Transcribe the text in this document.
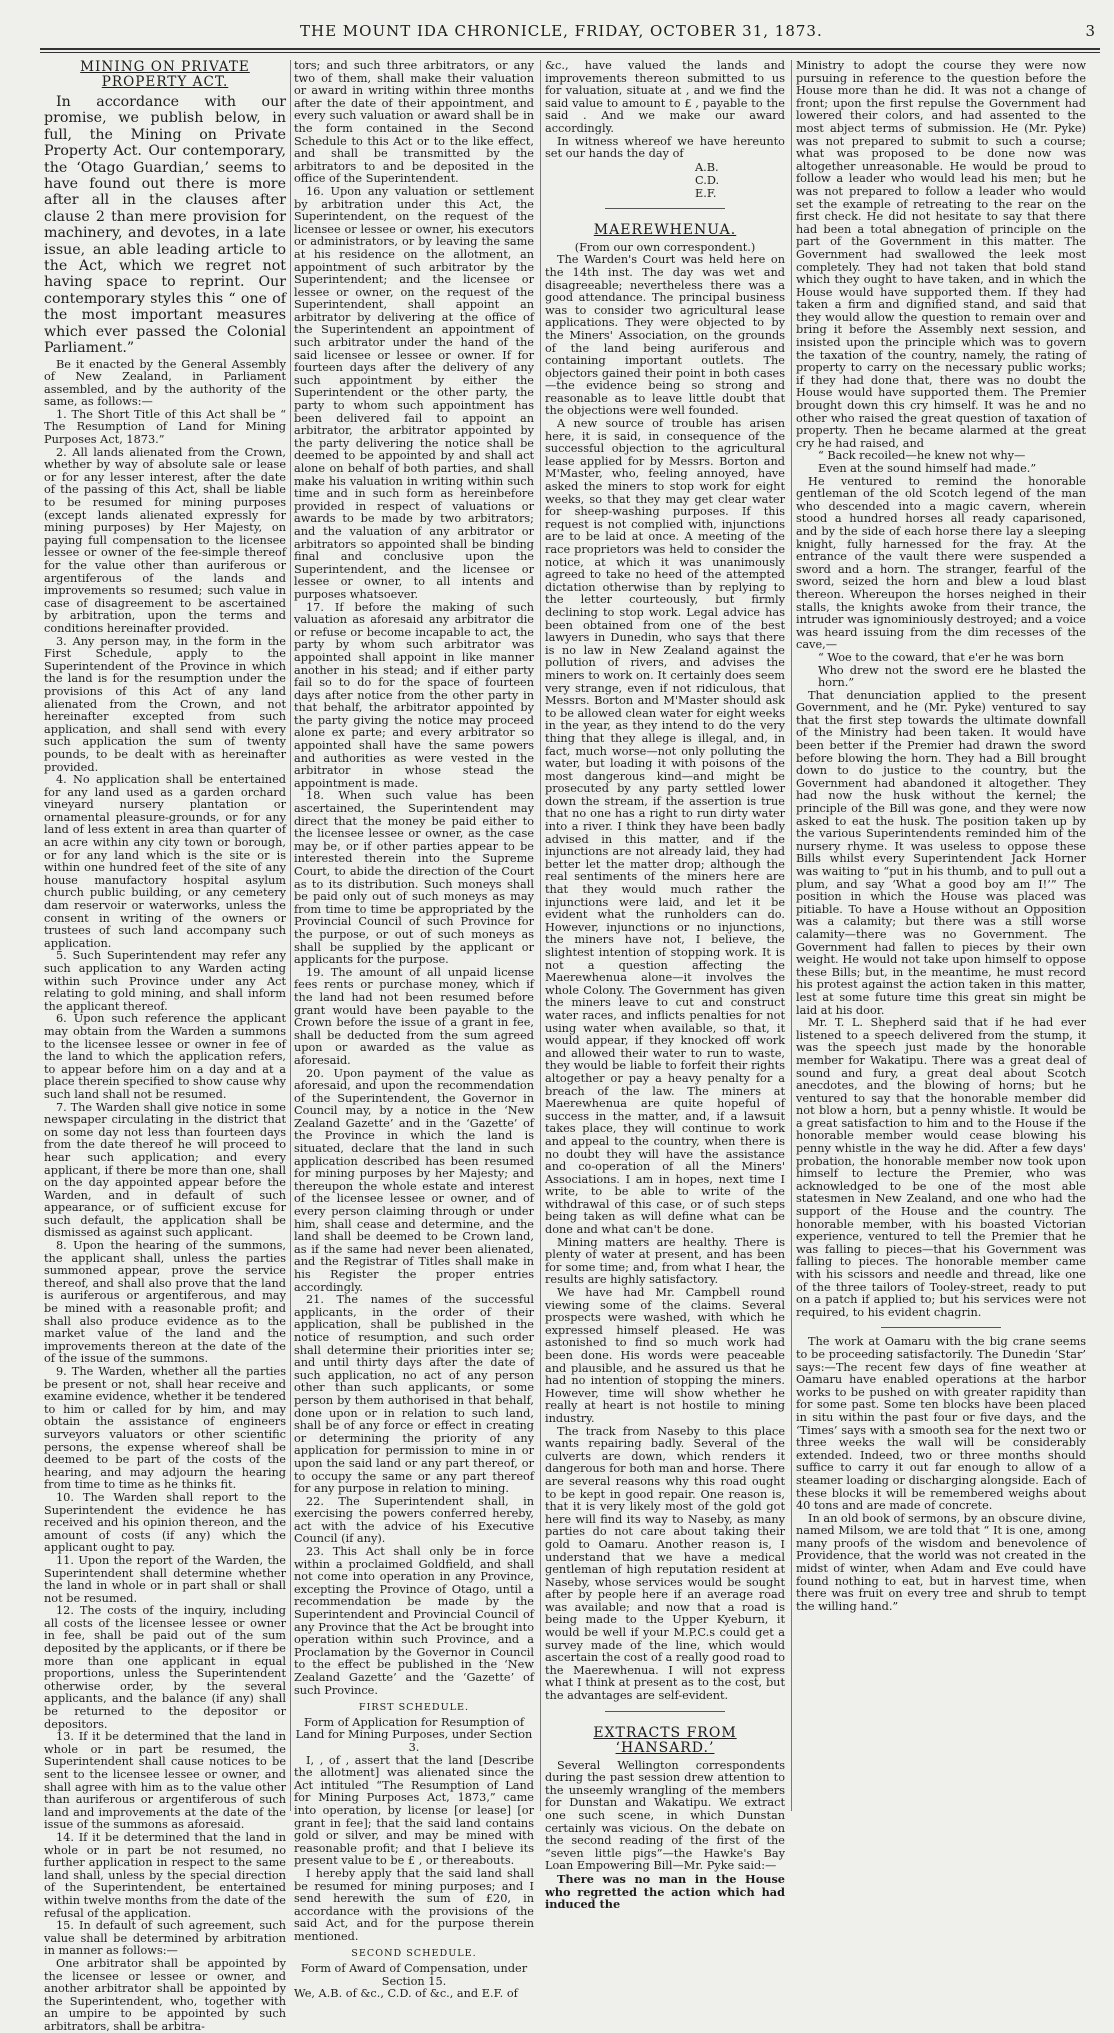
THE MOUNT IDA CHRONICLE, FRIDAY, OCTOBER 31, 1873.	3
MINING ON PRIVATE PROPERTY ACT.

In accordance with our promise, we publish below, in full, the Mining on Private Property Act. Our contemporary, the ‘Otago Guardian,’ seems to have found out there is more after all in the clauses after clause 2 than mere provision for machinery, and devotes, in a late issue, an able leading article to the Act, which we regret not having space to reprint. Our contemporary styles this “ one of the most important measures which ever passed the Colonial Parliament.”

Be it enacted by the General Assembly of New Zealand, in Parliament assembled, and by the authority of the same, as follows:—

1. The Short Title of this Act shall be “ The Resumption of Land for Mining Purposes Act, 1873.”

2. All lands alienated from the Crown, whether by way of absolute sale or lease or for any lesser interest, after the date of the passing of this Act, shall be liable to be resumed for mining purposes (except lands alienated expressly for mining purposes) by Her Majesty, on paying full compensation to the licensee lessee or owner of the fee-simple thereof for the value other than auriferous or argentiferous of the lands and improvements so resumed; such value in case of disagreement to be ascertained by arbitration, upon the terms and conditions hereinafter provided.

3. Any person may, in the form in the First Schedule, apply to the Superintendent of the Province in which the land is for the resumption under the provisions of this Act of any land alienated from the Crown, and not hereinafter excepted from such application, and shall send with every such application the sum of twenty pounds, to be dealt with as hereinafter provided.

4. No application shall be entertained for any land used as a garden orchard vineyard nursery plantation or ornamental pleasure-grounds, or for any land of less extent in area than quarter of an acre within any city town or borough, or for any land which is the site or is within one hundred feet of the site of any house manufactory hospital asylum church public building, or any cemetery dam reservoir or waterworks, unless the consent in writing of the owners or trustees of such land accompany such application.

5. Such Superintendent may refer any such application to any Warden acting within such Province under any Act relating to gold mining, and shall inform the applicant thereof.

6. Upon such reference the applicant may obtain from the Warden a summons to the licensee lessee or owner in fee of the land to which the application refers, to appear before him on a day and at a place therein specified to show cause why such land shall not be resumed.

7. The Warden shall give notice in some newspaper circulating in the district that on some day not less than fourteen days from the date thereof he will proceed to hear such application; and every applicant, if there be more than one, shall on the day appointed appear before the Warden, and in default of such appearance, or of sufficient excuse for such default, the application shall be dismissed as against such applicant.

8. Upon the hearing of the summons, the applicant shall, unless the parties summoned appear, prove the service thereof, and shall also prove that the land is auriferous or argentiferous, and may be mined with a reasonable profit; and shall also produce evidence as to the market value of the land and the improvements thereon at the date of the of the issue of the summons.

9. The Warden, whether all the parties be present or not, shall hear receive and examine evidence, whether it be tendered to him or called for by him, and may obtain the assistance of engineers surveyors valuators or other scientific persons, the expense whereof shall be deemed to be part of the costs of the hearing, and may adjourn the hearing from time to time as he thinks fit.

10. The Warden shall report to the Superintendent the evidence he has received and his opinion thereon, and the amount of costs (if any) which the applicant ought to pay.

11. Upon the report of the Warden, the Superintendent shall determine whether the land in whole or in part shall or shall not be resumed.

12. The costs of the inquiry, including all costs of the licensee lessee or owner in fee, shall be paid out of the sum deposited by the applicants, or if there be more than one applicant in equal proportions, unless the Superintendent otherwise order, by the several applicants, and the balance (if any) shall be returned to the depositor or depositors.

13. If it be determined that the land in whole or in part be resumed, the Superintendent shall cause notices to be sent to the licensee lessee or owner, and shall agree with him as to the value other than auriferous or argentiferous of such land and improvements at the date of the issue of the summons as aforesaid.

14. If it be determined that the land in whole or in part be not resumed, no further application in respect to the same land shall, unless by the special direction of the Superintendent, be entertained within twelve months from the date of the refusal of the application.

15. In default of such agreement, such value shall be determined by arbitration in manner as follows:—

One arbitrator shall be appointed by the licensee or lessee or owner, and another arbitrator shall be appointed by the Superintendent, who, together with an umpire to be appointed by such arbitrators, shall be arbitra-

tors; and such three arbitrators, or any two of them, shall make their valuation or award in writing within three months after the date of their appointment, and every such valuation or award shall be in the form contained in the Second Schedule to this Act or to the like effect, and shall be transmitted by the arbitrators to and be deposited in the office of the Superintendent.

16. Upon any valuation or settlement by arbitration under this Act, the Superintendent, on the request of the licensee or lessee or owner, his executors or administrators, or by leaving the same at his residence on the allotment, an appointment of such arbitrator by the Superintendent; and the licensee or lessee or owner, on the request of the Superintendent, shall appoint an arbitrator by delivering at the office of the Superintendent an appointment of such arbitrator under the hand of the said licensee or lessee or owner. If for fourteen days after the delivery of any such appointment by either the Superintendent or the other party, the party to whom such appointment has been delivered fail to appoint an arbitrator, the arbitrator appointed by the party delivering the notice shall be deemed to be appointed by and shall act alone on behalf of both parties, and shall make his valuation in writing within such time and in such form as hereinbefore provided in respect of valuations or awards to be made by two arbitrators; and the valuation of any arbitrator or arbitrators so appointed shall be binding final and conclusive upon the Superintendent, and the licensee or lessee or owner, to all intents and purposes whatsoever.

17. If before the making of such valuation as aforesaid any arbitrator die or refuse or become incapable to act, the party by whom such arbitrator was appointed shall appoint in like manner another in his stead; and if either party fail so to do for the space of fourteen days after notice from the other party in that behalf, the arbitrator appointed by the party giving the notice may proceed alone ex parte; and every arbitrator so appointed shall have the same powers and authorities as were vested in the arbitrator in whose stead the appointment is made.

18. When such value has been ascertained, the Superintendent may direct that the money be paid either to the licensee lessee or owner, as the case may be, or if other parties appear to be interested therein into the Supreme Court, to abide the direction of the Court as to its distribution. Such moneys shall be paid only out of such moneys as may from time to time be appropriated by the Provincial Council of such Province for the purpose, or out of such moneys as shall be supplied by the applicant or applicants for the purpose.

19. The amount of all unpaid license fees rents or purchase money, which if the land had not been resumed before grant would have been payable to the Crown before the issue of a grant in fee, shall be deducted from the sum agreed upon or awarded as the value as aforesaid.

20. Upon payment of the value as aforesaid, and upon the recommendation of the Superintendent, the Governor in Council may, by a notice in the ‘New Zealand Gazette’ and in the ‘Gazette’ of the Province in which the land is situated, declare that the land in such application described has been resumed for mining purposes by her Majesty; and thereupon the whole estate and interest of the licensee lessee or owner, and of every person claiming through or under him, shall cease and determine, and the land shall be deemed to be Crown land, as if the same had never been alienated, and the Registrar of Titles shall make in his Register the proper entries accordingly.

21. The names of the successful applicants, in the order of their application, shall be published in the notice of resumption, and such order shall determine their priorities inter se; and until thirty days after the date of such application, no act of any person other than such applicants, or some person by them authorised in that behalf, done upon or in relation to such land, shall be of any force or effect in creating or determining the priority of any application for permission to mine in or upon the said land or any part thereof, or to occupy the same or any part thereof for any purpose in relation to mining.

22. The Superintendent shall, in exercising the powers conferred hereby, act with the advice of his Executive Council (if any).

23. This Act shall only be in force within a proclaimed Goldfield, and shall not come into operation in any Province, excepting the Province of Otago, until a recommendation be made by the Superintendent and Provincial Council of any Province that the Act be brought into operation within such Province, and a Proclamation by the Governor in Council to the effect be published in the ‘New Zealand Gazette’ and the ‘Gazette’ of such Province.

FIRST SCHEDULE.

Form of Application for Resumption of Land for Mining Purposes, under Section 3.

I, , of , assert that the land [Describe the allotment] was alienated since the Act intituled “The Resumption of Land for Mining Purposes Act, 1873,” came into operation, by license [or lease] [or grant in fee]; that the said land contains gold or silver, and may be mined with reasonable profit; and that I believe its present value to be £ , or thereabouts.

I hereby apply that the said land shall be resumed for mining purposes; and I send herewith the sum of £20, in accordance with the provisions of the said Act, and for the purpose therein mentioned.

SECOND SCHEDULE.

Form of Award of Compensation, under Section 15.

We, A.B. of &c., C.D. of &c., and E.F. of

&c., have valued the lands and improvements thereon submitted to us for valuation, situate at , and we find the said value to amount to £ , payable to the said . And we make our award accordingly.

In witness whereof we have hereunto set our hands the day of

A.B.

C.D.

E.F.

MAEREWHENUA.

(From our own correspondent.)

The Warden's Court was held here on the 14th inst. The day was wet and disagreeable; nevertheless there was a good attendance. The principal business was to consider two agricultural lease applications. They were objected to by the Miners' Association, on the grounds of the land being auriferous and containing important outlets. The objectors gained their point in both cases—the evidence being so strong and reasonable as to leave little doubt that the objections were well founded.

A new source of trouble has arisen here, it is said, in consequence of the successful objection to the agricultural lease applied for by Messrs. Borton and M'Master, who, feeling annoyed, have asked the miners to stop work for eight weeks, so that they may get clear water for sheep-washing purposes. If this request is not complied with, injunctions are to be laid at once. A meeting of the race proprietors was held to consider the notice, at which it was unanimously agreed to take no heed of the attempted dictation otherwise than by replying to the letter courteously, but firmly declining to stop work. Legal advice has been obtained from one of the best lawyers in Dunedin, who says that there is no law in New Zealand against the pollution of rivers, and advises the miners to work on. It certainly does seem very strange, even if not ridiculous, that Messrs. Borton and M'Master should ask to be allowed clean water for eight weeks in the year, as they intend to do the very thing that they allege is illegal, and, in fact, much worse—not only polluting the water, but loading it with poisons of the most dangerous kind—and might be prosecuted by any party settled lower down the stream, if the assertion is true that no one has a right to run dirty water into a river. I think they have been badly advised in this matter, and if the injunctions are not already laid, they had better let the matter drop; although the real sentiments of the miners here are that they would much rather the injunctions were laid, and let it be evident what the runholders can do. However, injunctions or no injunctions, the miners have not, I believe, the slightest intention of stopping work. It is not a question affecting the Maerewhenua alone—it involves the whole Colony. The Government has given the miners leave to cut and construct water races, and inflicts penalties for not using water when available, so that, it would appear, if they knocked off work and allowed their water to run to waste, they would be liable to forfeit their rights altogether or pay a heavy penalty for a breach of the law. The miners at Maerewhenua are quite hopeful of success in the matter, and, if a lawsuit takes place, they will continue to work and appeal to the country, when there is no doubt they will have the assistance and co-operation of all the Miners' Associations. I am in hopes, next time I write, to be able to write of the withdrawal of this case, or of such steps being taken as will define what can be done and what can't be done.

Mining matters are healthy. There is plenty of water at present, and has been for some time; and, from what I hear, the results are highly satisfactory.

We have had Mr. Campbell round viewing some of the claims. Several prospects were washed, with which he expressed himself pleased. He was astonished to find so much work had been done. His words were peaceable and plausible, and he assured us that he had no intention of stopping the miners. However, time will show whether he really at heart is not hostile to mining industry.

The track from Naseby to this place wants repairing badly. Several of the culverts are down, which renders it dangerous for both man and horse. There are several reasons why this road ought to be kept in good repair. One reason is, that it is very likely most of the gold got here will find its way to Naseby, as many parties do not care about taking their gold to Oamaru. Another reason is, I understand that we have a medical gentleman of high reputation resident at Naseby, whose services would be sought after by people here if an average road was available; and now that a road is being made to the Upper Kyeburn, it would be well if your M.P.C.s could get a survey made of the line, which would ascertain the cost of a really good road to the Maerewhenua. I will not express what I think at present as to the cost, but the advantages are self-evident.

EXTRACTS FROM ‘HANSARD.’

Several Wellington correspondents during the past session drew attention to the unseemly wrangling of the members for Dunstan and Wakatipu. We extract one such scene, in which Dunstan certainly was vicious. On the debate on the second reading of the first of the “seven little pigs”—the Hawke's Bay Loan Empowering Bill—Mr. Pyke said:—

There was no man in the House who regretted the action which had induced the

Ministry to adopt the course they were now pursuing in reference to the question before the House more than he did. It was not a change of front; upon the first repulse the Government had lowered their colors, and had assented to the most abject terms of submission. He (Mr. Pyke) was not prepared to submit to such a course; what was proposed to be done now was altogether unreasonable. He would be proud to follow a leader who would lead his men; but he was not prepared to follow a leader who would set the example of retreating to the rear on the first check. He did not hesitate to say that there had been a total abnegation of principle on the part of the Government in this matter. The Government had swallowed the leek most completely. They had not taken that bold stand which they ought to have taken, and in which the House would have supported them. If they had taken a firm and dignified stand, and said that they would allow the question to remain over and bring it before the Assembly next session, and insisted upon the principle which was to govern the taxation of the country, namely, the rating of property to carry on the necessary public works; if they had done that, there was no doubt the House would have supported them. The Premier brought down this cry himself. It was he and no other who raised the great question of taxation of property. Then he became alarmed at the great cry he had raised, and

“ Back recoiled—he knew not why—

Even at the sound himself had made.”

He ventured to remind the honorable gentleman of the old Scotch legend of the man who descended into a magic cavern, wherein stood a hundred horses all ready caparisoned, and by the side of each horse there lay a sleeping knight, fully harnessed for the fray. At the entrance of the vault there were suspended a sword and a horn. The stranger, fearful of the sword, seized the horn and blew a loud blast thereon. Whereupon the horses neighed in their stalls, the knights awoke from their trance, the intruder was ignominiously destroyed; and a voice was heard issuing from the dim recesses of the cave,—

“ Woe to the coward, that e'er he was born

Who drew not the sword ere he blasted the horn.”

That denunciation applied to the present Government, and he (Mr. Pyke) ventured to say that the first step towards the ultimate downfall of the Ministry had been taken. It would have been better if the Premier had drawn the sword before blowing the horn. They had a Bill brought down to do justice to the country, but the Government had abandoned it altogether. They had now the husk without the kernel; the principle of the Bill was gone, and they were now asked to eat the husk. The position taken up by the various Superintendents reminded him of the nursery rhyme. It was useless to oppose these Bills whilst every Superintendent Jack Horner was waiting to “put in his thumb, and to pull out a plum, and say ‘What a good boy am I!’” The position in which the House was placed was pitiable. To have a House without an Opposition was a calamity; but there was a still worse calamity—there was no Government. The Government had fallen to pieces by their own weight. He would not take upon himself to oppose these Bills; but, in the meantime, he must record his protest against the action taken in this matter, lest at some future time this great sin might be laid at his door.

Mr. T. L. Shepherd said that if he had ever listened to a speech delivered from the stump, it was the speech just made by the honorable member for Wakatipu. There was a great deal of sound and fury, a great deal about Scotch anecdotes, and the blowing of horns; but he ventured to say that the honorable member did not blow a horn, but a penny whistle. It would be a great satisfaction to him and to the House if the honorable member would cease blowing his penny whistle in the way he did. After a few days' probation, the honorable member now took upon himself to lecture the Premier, who was acknowledged to be one of the most able statesmen in New Zealand, and one who had the support of the House and the country. The honorable member, with his boasted Victorian experience, ventured to tell the Premier that he was falling to pieces—that his Government was falling to pieces. The honorable member came with his scissors and needle and thread, like one of the three tailors of Tooley-street, ready to put on a patch if applied to; but his services were not required, to his evident chagrin.

The work at Oamaru with the big crane seems to be proceeding satisfactorily. The Dunedin ‘Star’ says:—The recent few days of fine weather at Oamaru have enabled operations at the harbor works to be pushed on with greater rapidity than for some past. Some ten blocks have been placed in situ within the past four or five days, and the ‘Times’ says with a smooth sea for the next two or three weeks the wall will be considerably extended. Indeed, two or three months should suffice to carry it out far enough to allow of a steamer loading or discharging alongside. Each of these blocks it will be remembered weighs about 40 tons and are made of concrete.

In an old book of sermons, by an obscure divine, named Milsom, we are told that “ It is one, among many proofs of the wisdom and benevolence of Providence, that the world was not created in the midst of winter, when Adam and Eve could have found nothing to eat, but in harvest time, when there was fruit on every tree and shrub to tempt the willing hand.”
